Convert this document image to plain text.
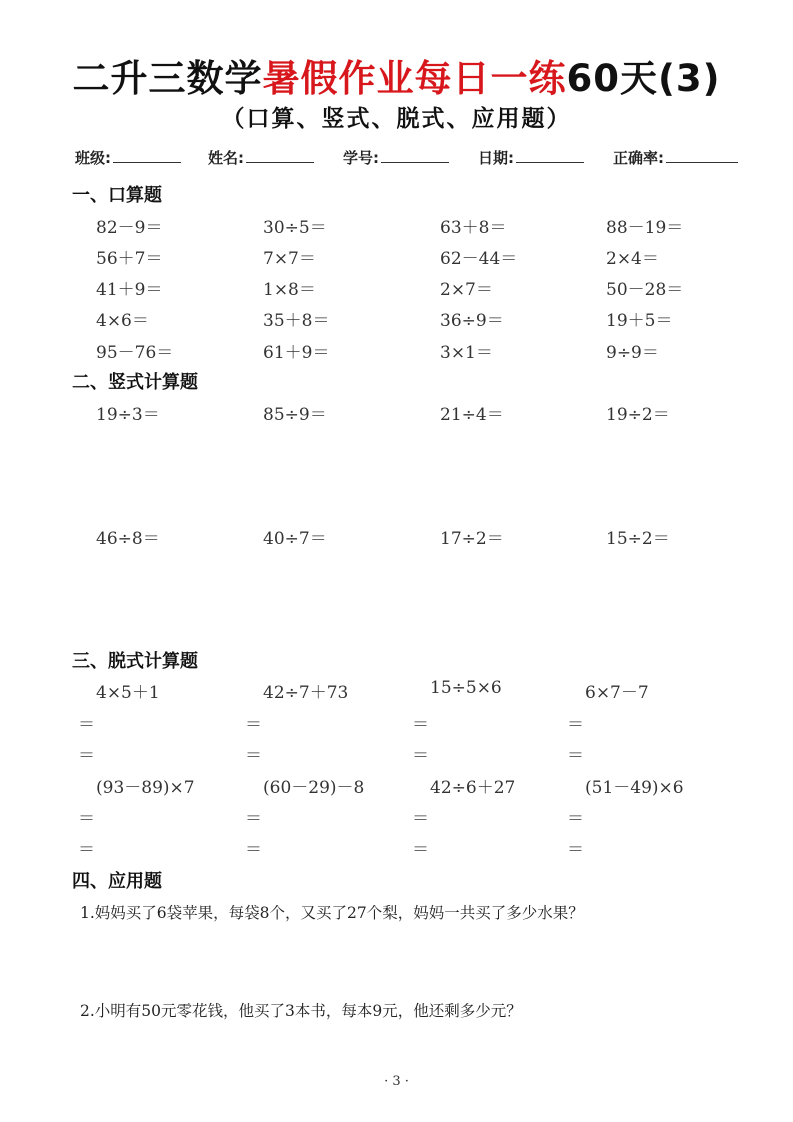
二升三数学暑假作业每日一练60天(3)
（口算、竖式、脱式、应用题）
班级:	姓名:	学号:	日期:	正确率:
一、口算题
82－9＝	30÷5＝	63＋8＝	88－19＝
56＋7＝	7×7＝	62－44＝	2×4＝
41＋9＝	1×8＝	2×7＝	50－28＝
4×6＝	35＋8＝	36÷9＝	19＋5＝
95－76＝	61＋9＝	3×1＝	9÷9＝
二、竖式计算题
19÷3＝	85÷9＝	21÷4＝	19÷2＝
46÷8＝	40÷7＝	17÷2＝	15÷2＝
三、脱式计算题
4×5＋1	42÷7＋73	15÷5×6	6×7－7
＝	＝	＝	＝
＝	＝	＝	＝
(93－89)×7	(60－29)－8	42÷6＋27	(51－49)×6
＝	＝	＝	＝
＝	＝	＝	＝
四、应用题
1.妈妈买了6袋苹果，每袋8个，又买了27个梨，妈妈一共买了多少水果？
2.小明有50元零花钱，他买了3本书，每本9元，他还剩多少元？
· 3 ·
